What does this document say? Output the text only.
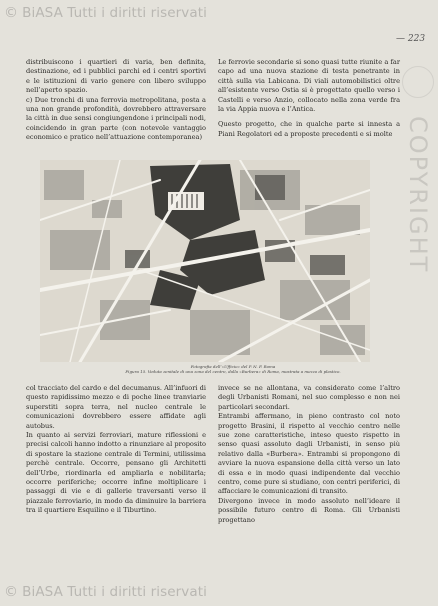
© BiASA Tutti i diritti riservati
— 223
COPYRIGHT

distribuiscono i quartieri di varia, ben definita, destinazione, ed i pubblici parchi ed i centri sportivi e le istituzioni di vario genere con libero sviluppo nell’aperto spazio.

c) Due tronchi di una ferrovia metropolitana, posta a una non grande profondità, dovrebbero attraversare la città in due sensi congiungendone i principali nodi, coincidendo in gran parte (con notevole vantaggio economico e pratico nell’attuazione contemporanea)

Le ferrovie secondarie si sono quasi tutte riunite a far capo ad una nuova stazione di testa penetrante in città sulla via Labicana. Di viali automobilistici oltre all’esistente verso Ostia si è progettato quello verso i Castelli e verso Anzio, collocato nella zona verde fra la via Appia nuova e l’Antica.

Questo progetto, che in qualche parte si innesta a Piani Regolatori ed a proposte precedenti e si molte

Fotografia dell’«Ufficio» del P. N. F. Roma
Figura 15. Veduta zenitale di una zona del centro, dalla «Burbera» di Roma, mostrata a mezzo di plastico.

col tracciato del cardo e del decumanus. All’infuori di questo rapidissimo mezzo e di poche linee tranviarie superstiti sopra terra, nel nucleo centrale le comunicazioni dovrebbero essere affidate agli autobus.

In quanto ai servizi ferroviari, mature riflessioni e precisi calcoli hanno indotto a rinunziare al proposito di spostare la stazione centrale di Termini, utilissima perchè centrale. Occorre, pensano gli Architetti dell’Urbe, riordinarla ed ampliarla e nobilitarla; occorre periferiche; occorre infine moltiplicare i passaggi di vie e di gallerie traversanti verso il piazzale ferroviario, in modo da diminuire la barriera tra il quartiere Esquilino e il Tiburtino.

invece se ne allontana, va considerato come l’altro degli Urbanisti Romani, nel suo complesso e non nei particolari secondari.

Entrambi affermano, in pieno contrasto col noto progetto Brasini, il rispetto al vecchio centro nelle sue zone caratteristiche, inteso questo rispetto in senso quasi assoluto dagli Urbanisti, in senso più relativo dalla «Burbera». Entrambi si propongono di avviare la nuova espansione della città verso un lato di essa e in modo quasi indipendente dal vecchio centro, come pure si studiano, con centri periferici, di affacciare le comunicazioni di transito.

Divergono invece in modo assoluto nell’ideare il possibile futuro centro di Roma. Gli Urbanisti progettano

© BiASA Tutti i diritti riservati
